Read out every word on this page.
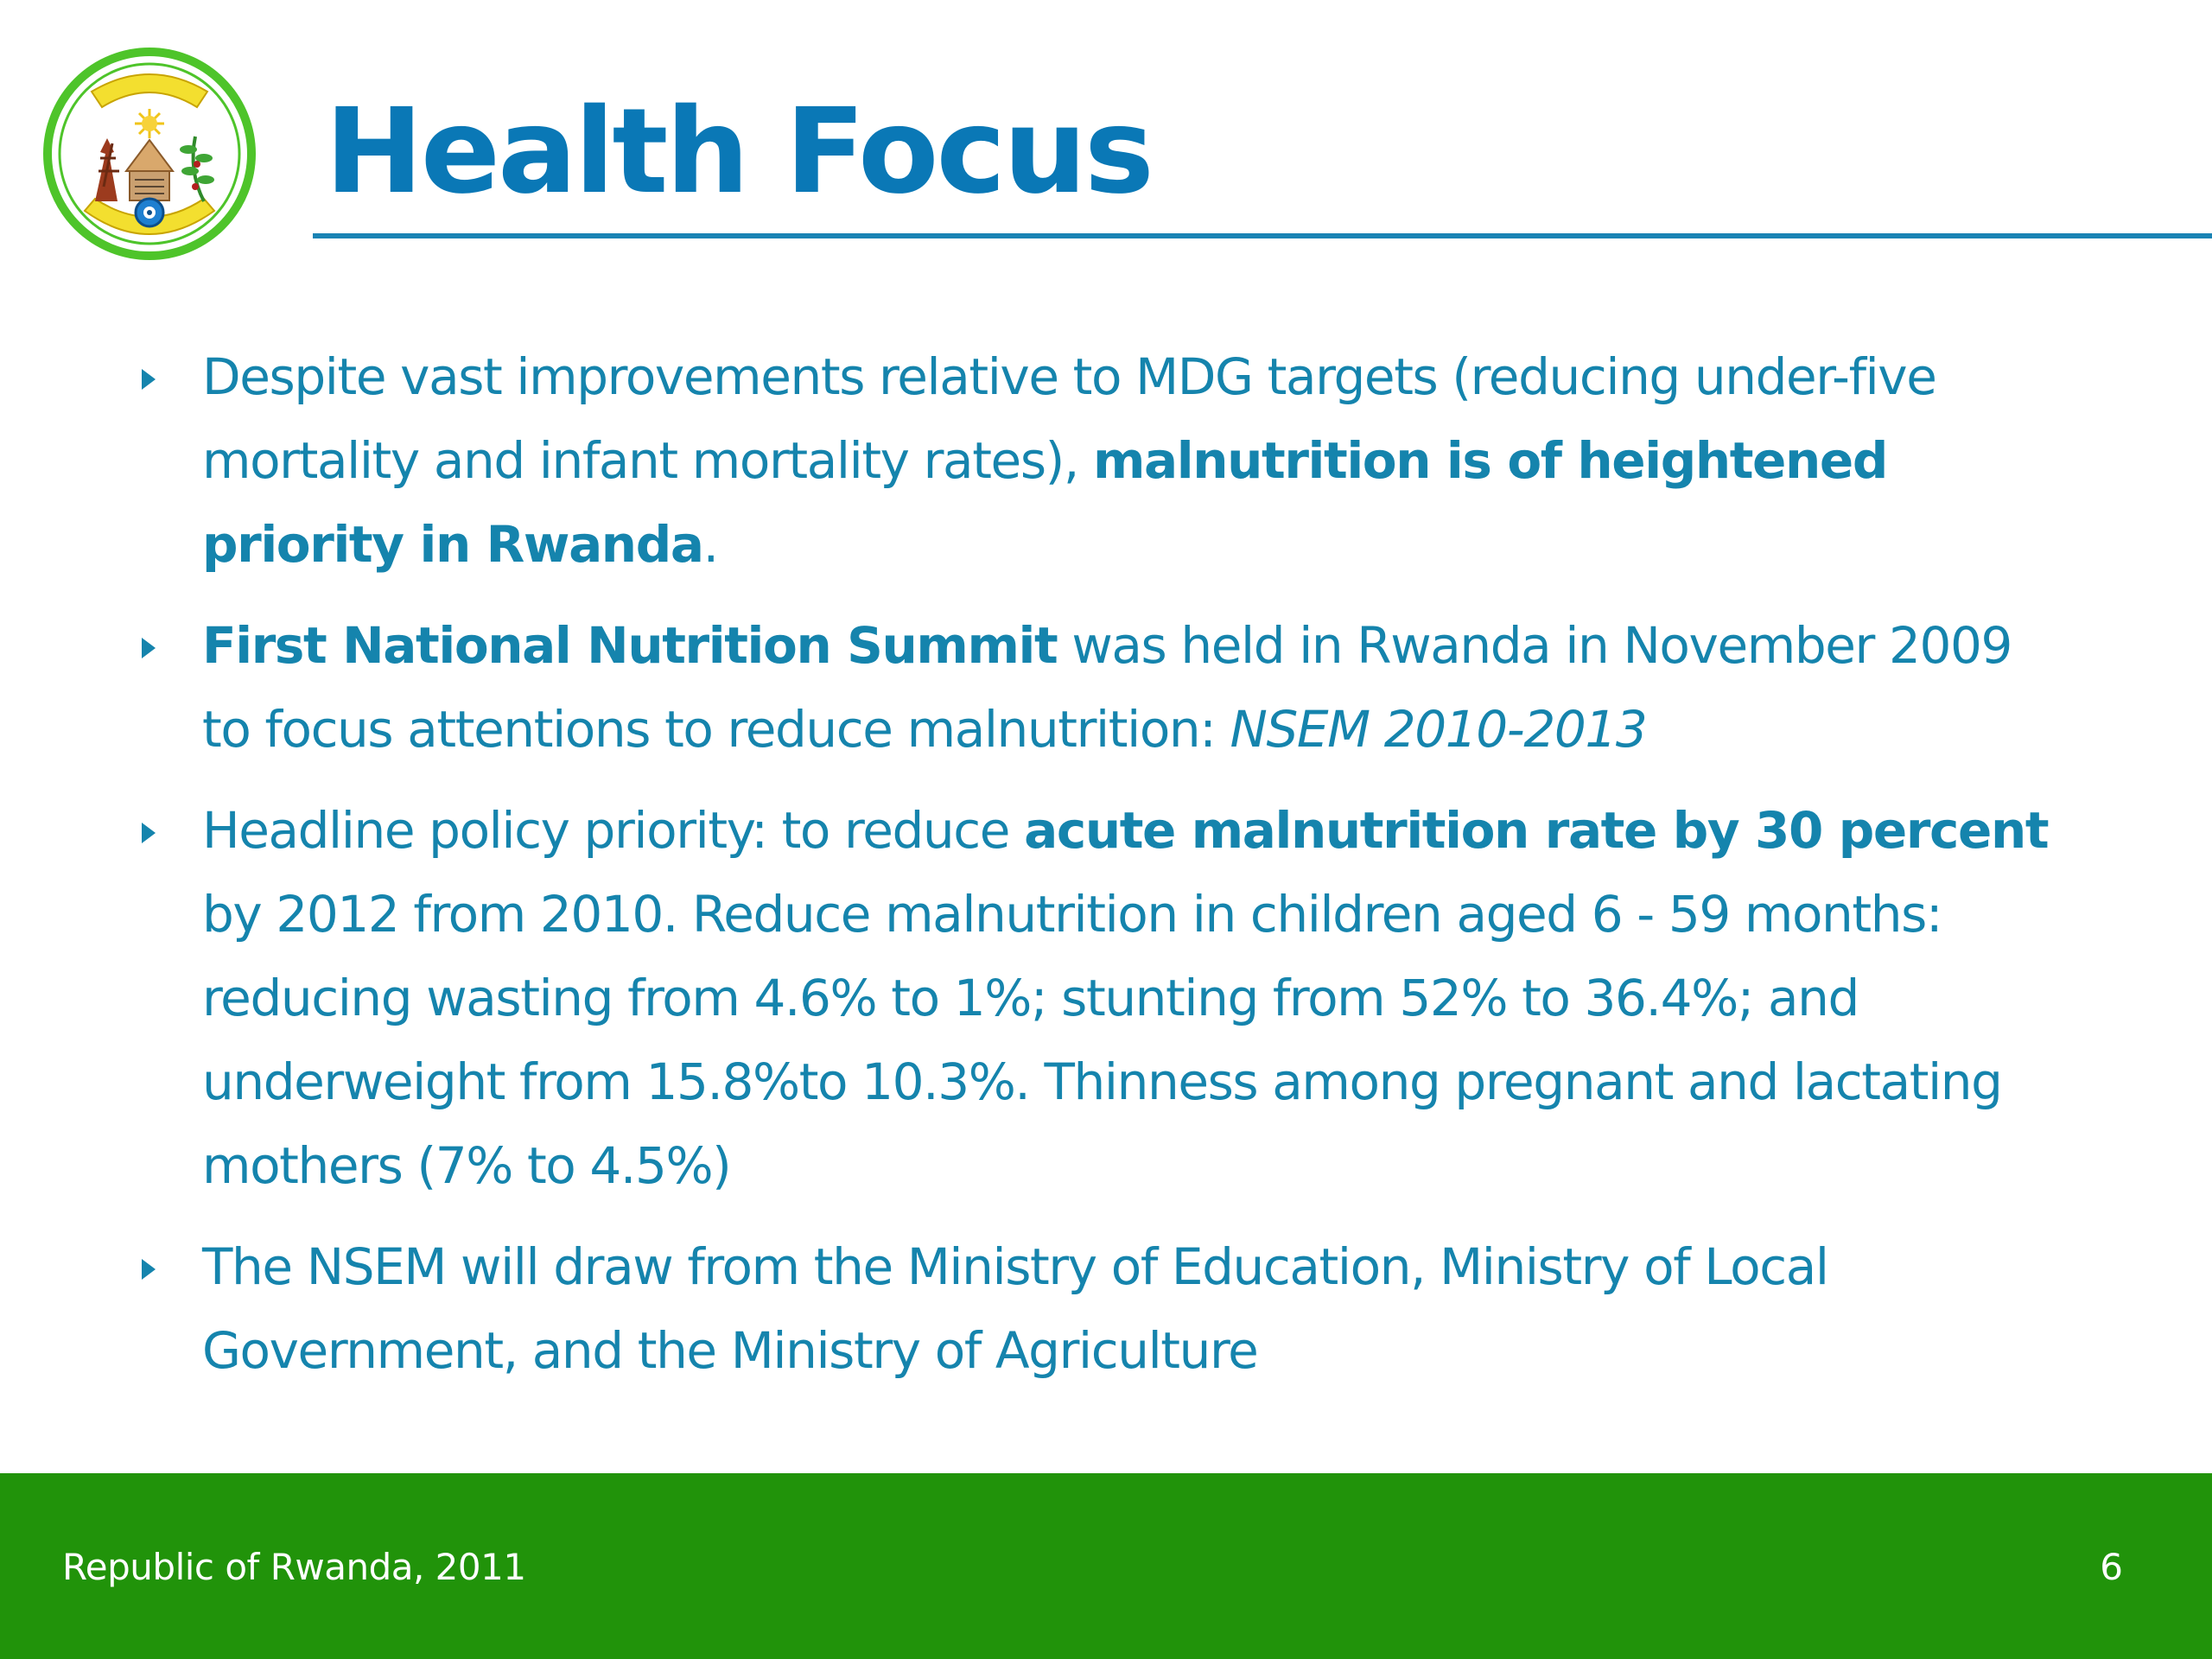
Health Focus
Despite vast improvements relative to MDG targets (reducing under-five mortality and infant mortality rates), malnutrition is of heightened priority in Rwanda.
First National Nutrition Summit was held in Rwanda in November 2009 to focus attentions to reduce malnutrition: NSEM 2010-2013
Headline policy priority: to reduce acute malnutrition rate by 30 percent by 2012 from 2010. Reduce malnutrition in children aged 6 - 59 months: reducing wasting from 4.6% to 1%; stunting from 52% to 36.4%; and underweight from 15.8%to 10.3%. Thinness among pregnant and lactating mothers (7% to 4.5%)
The NSEM will draw from the Ministry of Education, Ministry of Local Government, and the Ministry of Agriculture
Republic of Rwanda, 2011	6
